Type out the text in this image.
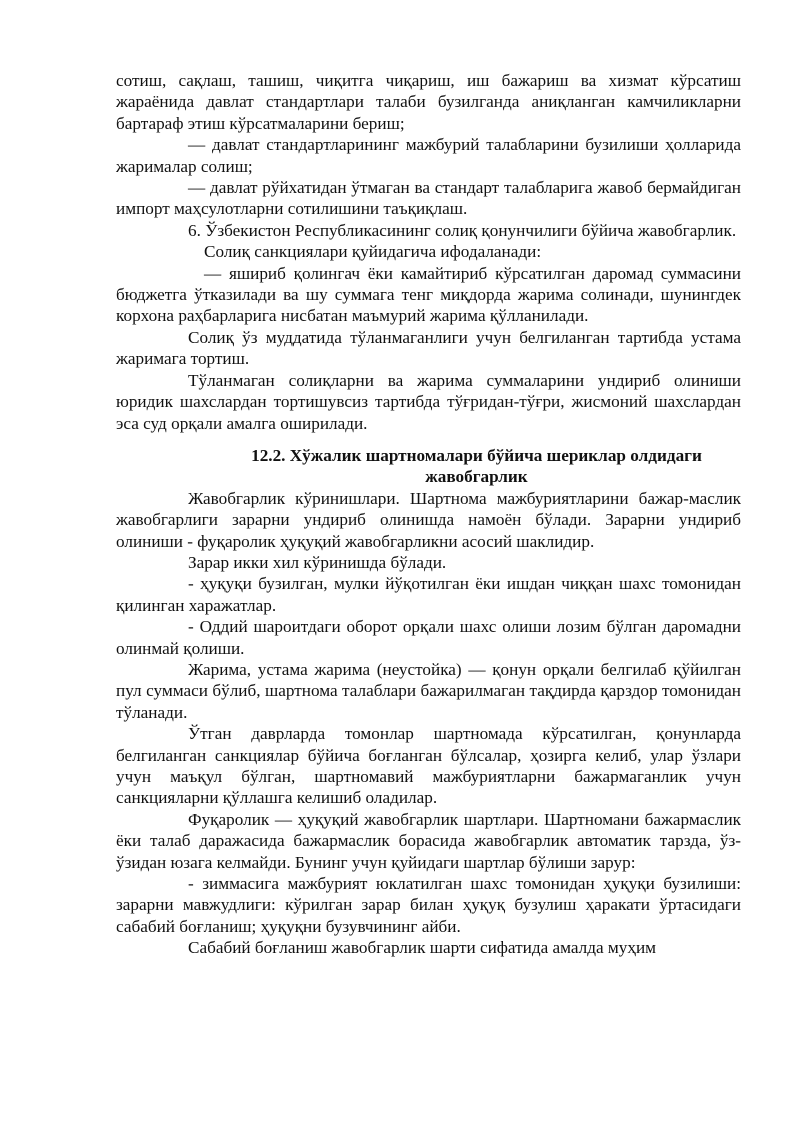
сотиш, сақлаш, ташиш, чиқитга чиқариш, иш бажариш ва хизмат кўрсатиш жараёнида давлат стандартлари талаби бузилганда аниқланган камчиликларни бартараф этиш кўрсатмаларини бериш;

— давлат стандартларининг мажбурий талабларини бузилиши ҳолларида жарималар солиш;

— давлат рўйхатидан ўтмаган ва стандарт талабларига жавоб бермайдиган импорт маҳсулотларни сотилишини таъқиқлаш.

6. Ўзбекистон Республикасининг солиқ қонунчилиги бўйича жавобгарлик.

Солиқ санкциялари қуйидагича ифодаланади:

— яшириб қолингач ёки камайтириб кўрсатилган даромад суммасини бюджетга ўтказилади ва шу суммага тенг миқдорда жарима солинади, шунингдек корхона раҳбарларига нисбатан маъмурий жарима қўлланилади.

Солиқ ўз муддатида тўланмаганлиги учун белгиланган тартибда устама жаримага тортиш.

Тўланмаган солиқларни ва жарима суммаларини ундириб олиниши юридик шахслардан тортишувсиз тартибда тўғридан-тўғри, жисмоний шахслардан эса суд орқали амалга оширилади.

12.2. Хўжалик шартномалари бўйича шериклар олдидаги жавобгарлик

Жавобгарлик кўринишлари. Шартнома мажбуриятларини бажар-маслик жавобгарлиги зарарни ундириб олинишда намоён бўлади. Зарарни ундириб олиниши - фуқаролик ҳуқуқий жавобгарликни асосий шаклидир.

Зарар икки хил кўринишда бўлади.

- ҳуқуқи бузилган, мулки йўқотилган ёки ишдан чиққан шахс томонидан қилинган харажатлар.

- Оддий шароитдаги оборот орқали шахс олиши лозим бўлган даромадни олинмай қолиши.

Жарима, устама жарима (неустойка) — қонун орқали белгилаб қўйилган пул суммаси бўлиб, шартнома талаблари бажарилмаган тақдирда қарздор томонидан тўланади.

Ўтган даврларда томонлар шартномада кўрсатилган, қонунларда белгиланган санкциялар бўйича боғланган бўлсалар, ҳозирга келиб, улар ўзлари учун маъқул бўлган, шартномавий мажбуриятларни бажармаганлик учун санкцияларни қўллашга келишиб оладилар.

Фуқаролик — ҳуқуқий жавобгарлик шартлари. Шартномани бажармаслик ёки талаб даражасида бажармаслик борасида жавобгарлик автоматик тарзда, ўз-ўзидан юзага келмайди. Бунинг учун қуйидаги шартлар бўлиши зарур:

- зиммасига мажбурият юклатилган шахс томонидан ҳуқуқи бузилиши: зарарни мавжудлиги: кўрилган зарар билан ҳуқуқ бузулиш ҳаракати ўртасидаги сабабий боғланиш; ҳуқуқни бузувчининг айби.

Сабабий боғланиш жавобгарлик шарти сифатида амалда муҳим
